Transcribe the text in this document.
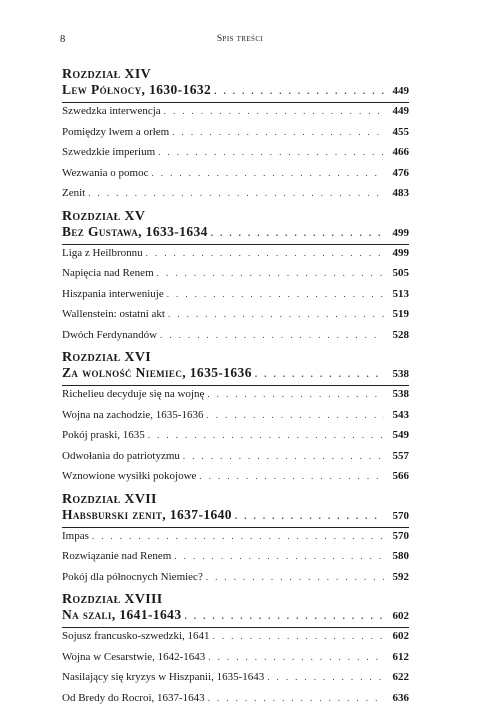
8	Spis treści
Rozdział XIV
Lew Północy, 1630-1632 . . .	449
Szwedzka interwencja . . .	449
Pomiędzy lwem a orłem . . .	455
Szwedzkie imperium . . .	466
Wezwania o pomoc . . .	476
Zenit . . .	483
Rozdział XV
Bez Gustawa, 1633-1634 . . .	499
Liga z Heilbronnu . . .	499
Napięcia nad Renem . . .	505
Hiszpania interweniuje . . .	513
Wallenstein: ostatni akt . . .	519
Dwóch Ferdynandów . . .	528
Rozdział XVI
Za wolność Niemiec, 1635-1636 . . .	538
Richelieu decyduje się na wojnę . . .	538
Wojna na zachodzie, 1635-1636 . . .	543
Pokój praski, 1635 . . .	549
Odwołania do patriotyzmu . . .	557
Wznowione wysiłki pokojowe . . .	566
Rozdział XVII
Habsburski zenit, 1637-1640 . . .	570
Impas . . .	570
Rozwiązanie nad Renem . . .	580
Pokój dla północnych Niemiec? . . .	592
Rozdział XVIII
Na szali, 1641-1643 . . .	602
Sojusz francusko-szwedzki, 1641 . . .	602
Wojna w Cesarstwie, 1642-1643 . . .	612
Nasilający się kryzys w Hiszpanii, 1635-1643 . . .	622
Od Bredy do Rocroi, 1637-1643 . . .	636
